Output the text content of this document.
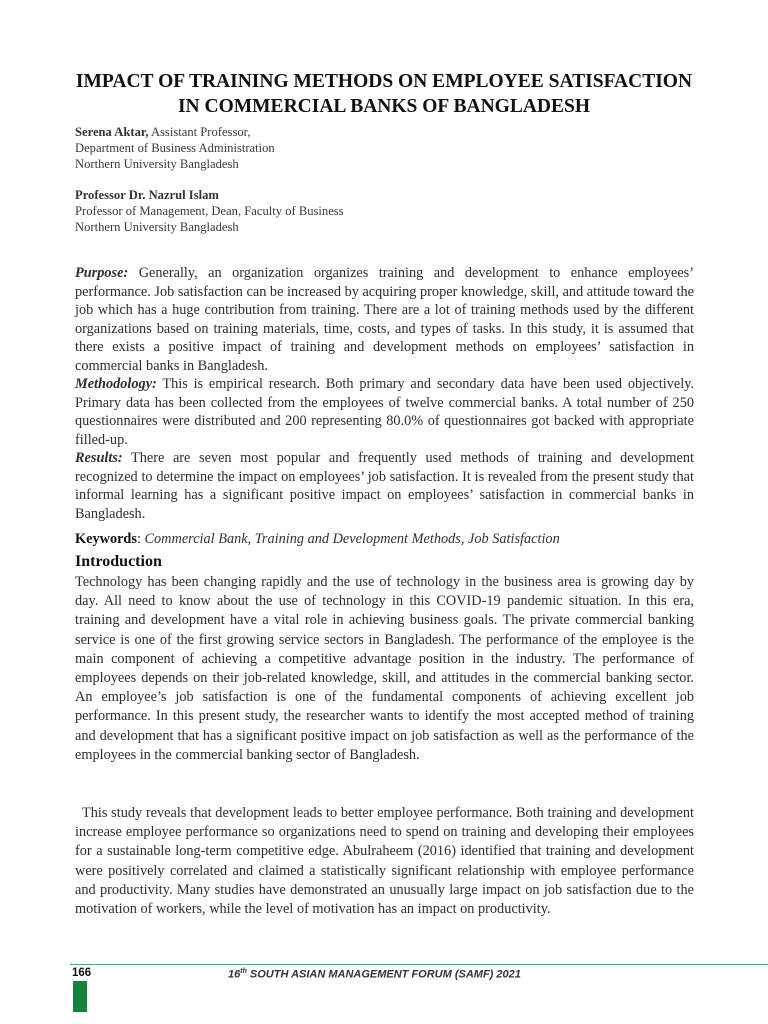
IMPACT OF TRAINING METHODS ON EMPLOYEE SATISFACTION
IN COMMERCIAL BANKS OF BANGLADESH
Serena Aktar, Assistant Professor,
Department of Business Administration
Northern University Bangladesh
Professor Dr. Nazrul Islam
Professor of Management, Dean, Faculty of Business
Northern University Bangladesh

Purpose: Generally, an organization organizes training and development to enhance employees’ performance. Job satisfaction can be increased by acquiring proper knowledge, skill, and attitude toward the job which has a huge contribution from training. There are a lot of training methods used by the different organizations based on training materials, time, costs, and types of tasks. In this study, it is assumed that there exists a positive impact of training and development methods on employees’ satisfaction in commercial banks in Bangladesh.

Methodology: This is empirical research. Both primary and secondary data have been used objectively. Primary data has been collected from the employees of twelve commercial banks. A total number of 250 questionnaires were distributed and 200 representing 80.0% of questionnaires got backed with appropriate filled-up.

Results: There are seven most popular and frequently used methods of training and development recognized to determine the impact on employees’ job satisfaction. It is revealed from the present study that informal learning has a significant positive impact on employees’ satisfaction in commercial banks in Bangladesh.

Keywords: Commercial Bank, Training and Development Methods, Job Satisfaction
Introduction

Technology has been changing rapidly and the use of technology in the business area is growing day by day. All need to know about the use of technology in this COVID-19 pandemic situation. In this era, training and development have a vital role in achieving business goals. The private commercial banking service is one of the first growing service sectors in Bangladesh. The performance of the employee is the main component of achieving a competitive advantage position in the industry. The performance of employees depends on their job-related knowledge, skill, and attitudes in the commercial banking sector. An employee’s job satisfaction is one of the fundamental components of achieving excellent job performance. In this present study, the researcher wants to identify the most accepted method of training and development that has a significant positive impact on job satisfaction as well as the performance of the employees in the commercial banking sector of Bangladesh.

This study reveals that development leads to better employee performance. Both training and development increase employee performance so organizations need to spend on training and developing their employees for a sustainable long-term competitive edge. Abulraheem (2016) identified that training and development were positively correlated and claimed a statistically significant relationship with employee performance and productivity. Many studies have demonstrated an unusually large impact on job satisfaction due to the motivation of workers, while the level of motivation has an impact on productivity.

166	16th SOUTH ASIAN MANAGEMENT FORUM (SAMF) 2021
